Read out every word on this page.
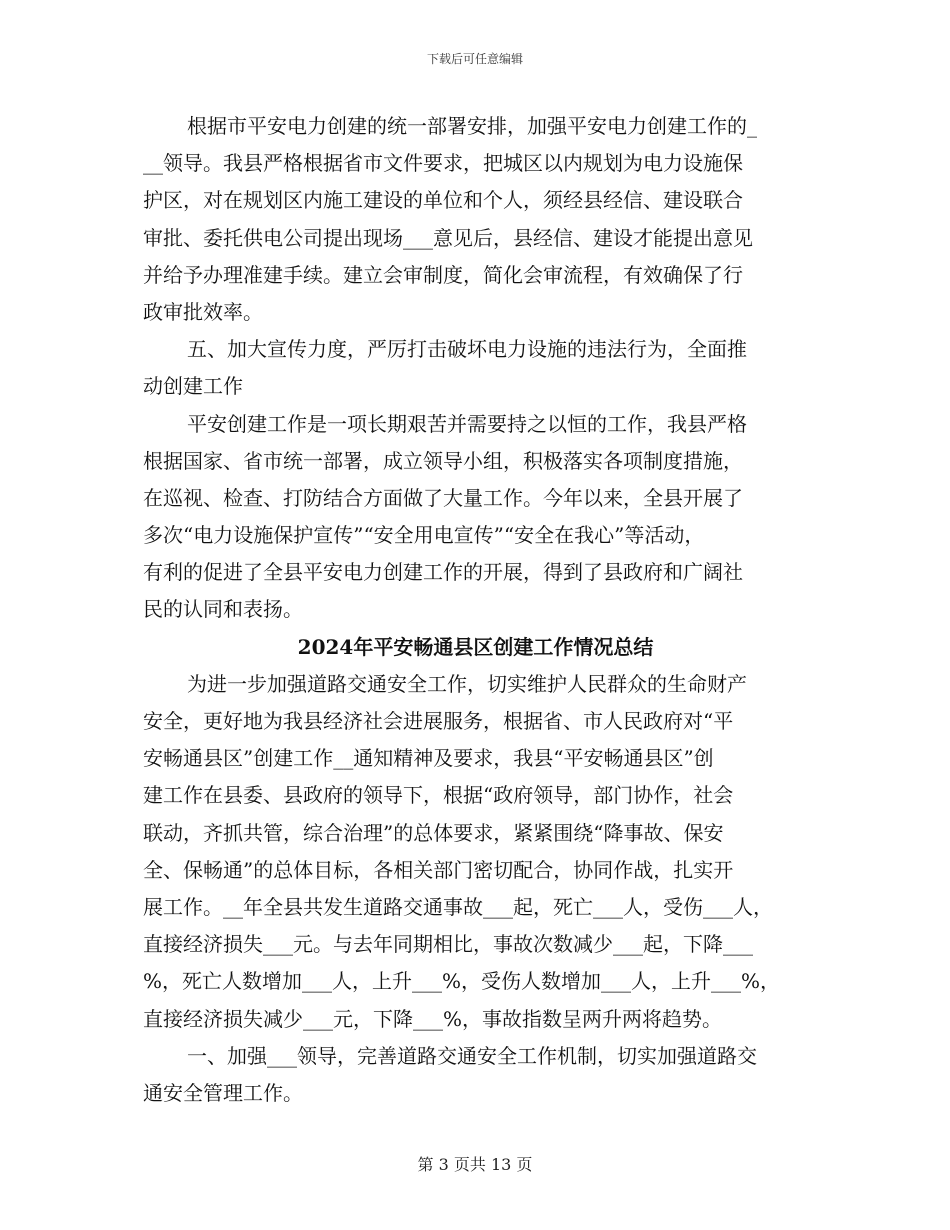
下载后可任意编辑
根据市平安电力创建的统一部署安排，加强平安电力创建工作的_
__领导。我县严格根据省市文件要求，把城区以内规划为电力设施保
护区，对在规划区内施工建设的单位和个人，须经县经信、建设联合
审批、委托供电公司提出现场___意见后，县经信、建设才能提出意见
并给予办理准建手续。建立会审制度，简化会审流程，有效确保了行
政审批效率。
五、加大宣传力度，严厉打击破坏电力设施的违法行为，全面推
动创建工作
平安创建工作是一项长期艰苦并需要持之以恒的工作，我县严格
根据国家、省市统一部署，成立领导小组，积极落实各项制度措施，
在巡视、检查、打防结合方面做了大量工作。今年以来，全县开展了
多次“电力设施保护宣传”“安全用电宣传”“安全在我心”等活动，
有利的促进了全县平安电力创建工作的开展，得到了县政府和广阔社
民的认同和表扬。
2024年平安畅通县区创建工作情况总结
为进一步加强道路交通安全工作，切实维护人民群众的生命财产
安全，更好地为我县经济社会进展服务，根据省、市人民政府对“平
安畅通县区”创建工作__通知精神及要求，我县“平安畅通县区”创
建工作在县委、县政府的领导下，根据“政府领导，部门协作，社会
联动，齐抓共管，综合治理”的总体要求，紧紧围绕“降事故、保安
全、保畅通”的总体目标，各相关部门密切配合，协同作战，扎实开
展工作。__年全县共发生道路交通事故___起，死亡___人，受伤___人，
直接经济损失___元。与去年同期相比，事故次数减少___起，下降___
%，死亡人数增加___人，上升___%，受伤人数增加___人，上升___%，
直接经济损失减少___元，下降___%，事故指数呈两升两将趋势。
一、加强___领导，完善道路交通安全工作机制，切实加强道路交
通安全管理工作。
第 3 页共 13 页
